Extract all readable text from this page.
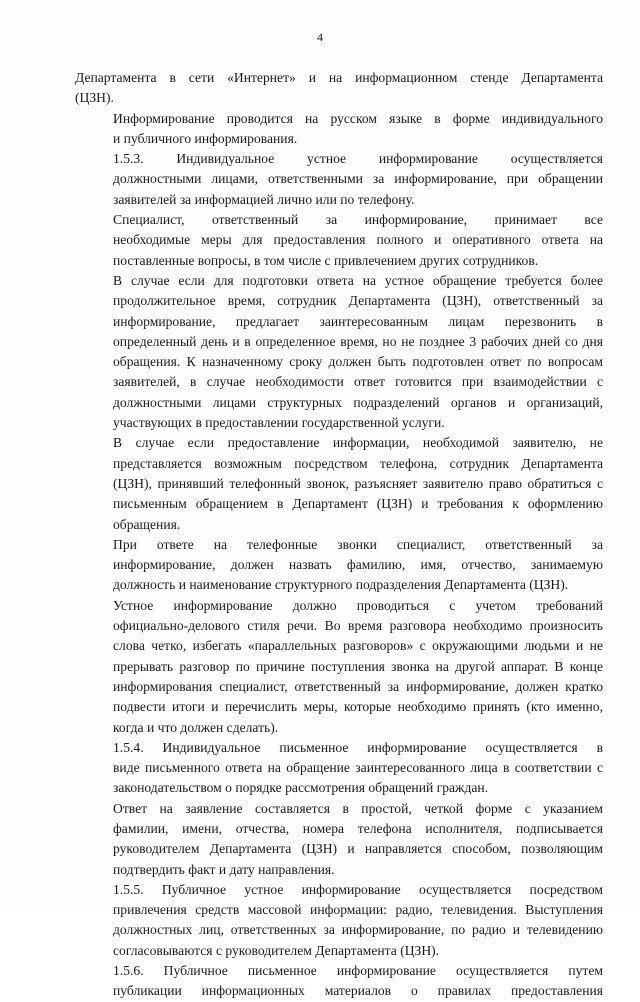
4
Департамента в сети «Интернет» и на информационном стенде Департамента
(ЦЗН).
Информирование проводится на русском языке в форме индивидуального
и публичного информирования.
1.5.3. Индивидуальное устное информирование осуществляется
должностными лицами, ответственными за информирование, при обращении
заявителей за информацией лично или по телефону.
Специалист, ответственный за информирование, принимает все
необходимые меры для предоставления полного и оперативного ответа на
поставленные вопросы, в том числе с привлечением других сотрудников.
В случае если для подготовки ответа на устное обращение требуется более
продолжительное время, сотрудник Департамента (ЦЗН), ответственный за
информирование, предлагает заинтересованным лицам перезвонить в
определенный день и в определенное время, но не позднее 3 рабочих дней со дня
обращения. К назначенному сроку должен быть подготовлен ответ по вопросам
заявителей, в случае необходимости ответ готовится при взаимодействии с
должностными лицами структурных подразделений органов и организаций,
участвующих в предоставлении государственной услуги.
В случае если предоставление информации, необходимой заявителю, не
представляется возможным посредством телефона, сотрудник Департамента
(ЦЗН), принявший телефонный звонок, разъясняет заявителю право обратиться с
письменным обращением в Департамент (ЦЗН) и требования к оформлению
обращения.
При ответе на телефонные звонки специалист, ответственный за
информирование, должен назвать фамилию, имя, отчество, занимаемую
должность и наименование структурного подразделения Департамента (ЦЗН).
Устное информирование должно проводиться с учетом требований
официально-делового стиля речи. Во время разговора необходимо произносить
слова четко, избегать «параллельных разговоров» с окружающими людьми и не
прерывать разговор по причине поступления звонка на другой аппарат. В конце
информирования специалист, ответственный за информирование, должен кратко
подвести итоги и перечислить меры, которые необходимо принять (кто именно,
когда и что должен сделать).
1.5.4. Индивидуальное письменное информирование осуществляется в
виде письменного ответа на обращение заинтересованного лица в соответствии с
законодательством о порядке рассмотрения обращений граждан.
Ответ на заявление составляется в простой, четкой форме с указанием
фамилии, имени, отчества, номера телефона исполнителя, подписывается
руководителем Департамента (ЦЗН) и направляется способом, позволяющим
подтвердить факт и дату направления.
1.5.5. Публичное устное информирование осуществляется посредством
привлечения средств массовой информации: радио, телевидения. Выступления
должностных лиц, ответственных за информирование, по радио и телевидению
согласовываются с руководителем Департамента (ЦЗН).
1.5.6. Публичное письменное информирование осуществляется путем
публикации информационных материалов о правилах предоставления
